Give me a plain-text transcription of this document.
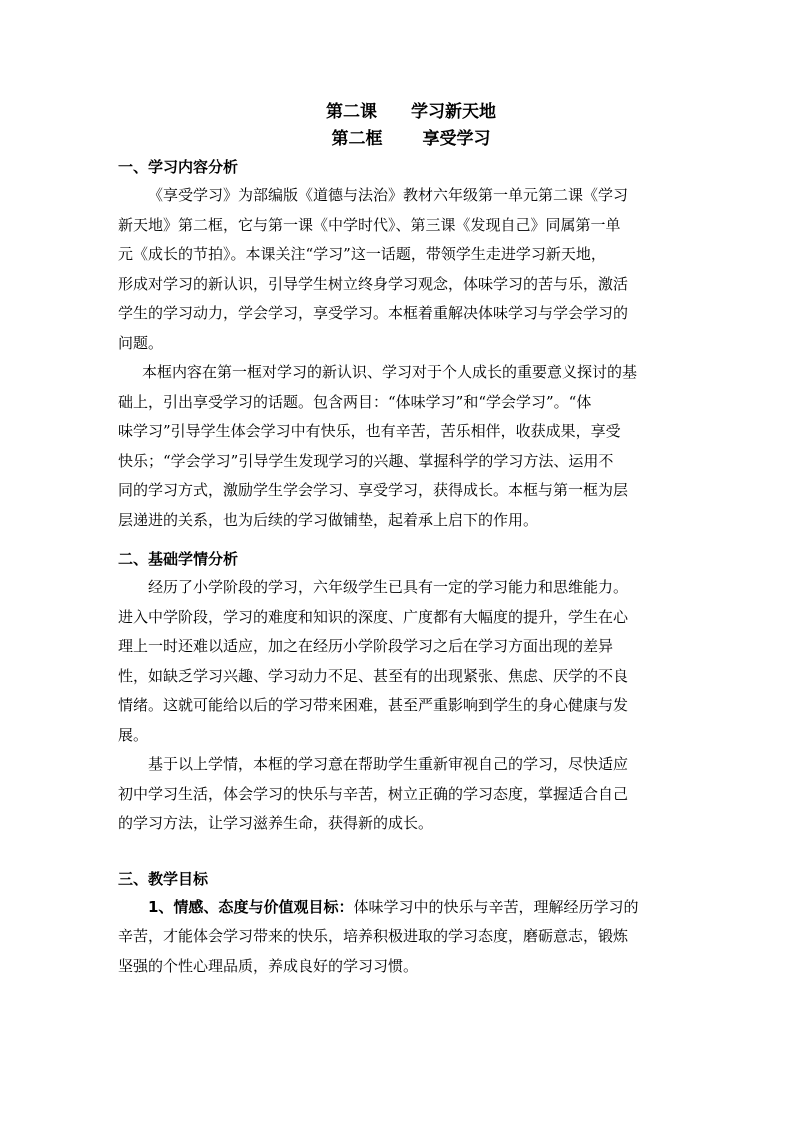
第二课　　学习新天地
第二框　　 享受学习
一、学习内容分析
《享受学习》为部编版《道德与法治》教材六年级第一单元第二课《学习
新天地》第二框，它与第一课《中学时代》、第三课《发现自己》同属第一单
元《成长的节拍》。本课关注“学习”这一话题，带领学生走进学习新天地，
形成对学习的新认识，引导学生树立终身学习观念，体味学习的苦与乐，激活
学生的学习动力，学会学习，享受学习。本框着重解决体味学习与学会学习的
问题。
本框内容在第一框对学习的新认识、学习对于个人成长的重要意义探讨的基
础上，引出享受学习的话题。包含两目：“体味学习”和“学会学习”。“体
味学习”引导学生体会学习中有快乐，也有辛苦，苦乐相伴，收获成果，享受
快乐；“学会学习”引导学生发现学习的兴趣、掌握科学的学习方法、运用不
同的学习方式，激励学生学会学习、享受学习，获得成长。本框与第一框为层
层递进的关系，也为后续的学习做铺垫，起着承上启下的作用。
二、基础学情分析
经历了小学阶段的学习，六年级学生已具有一定的学习能力和思维能力。
进入中学阶段，学习的难度和知识的深度、广度都有大幅度的提升，学生在心
理上一时还难以适应，加之在经历小学阶段学习之后在学习方面出现的差异
性，如缺乏学习兴趣、学习动力不足、甚至有的出现紧张、焦虑、厌学的不良
情绪。这就可能给以后的学习带来困难，甚至严重影响到学生的身心健康与发
展。
基于以上学情，本框的学习意在帮助学生重新审视自己的学习，尽快适应
初中学习生活，体会学习的快乐与辛苦，树立正确的学习态度，掌握适合自己
的学习方法，让学习滋养生命，获得新的成长。
三、教学目标
1、情感、态度与价值观目标：体味学习中的快乐与辛苦，理解经历学习的
辛苦，才能体会学习带来的快乐，培养积极进取的学习态度，磨砺意志，锻炼
坚强的个性心理品质，养成良好的学习习惯。
